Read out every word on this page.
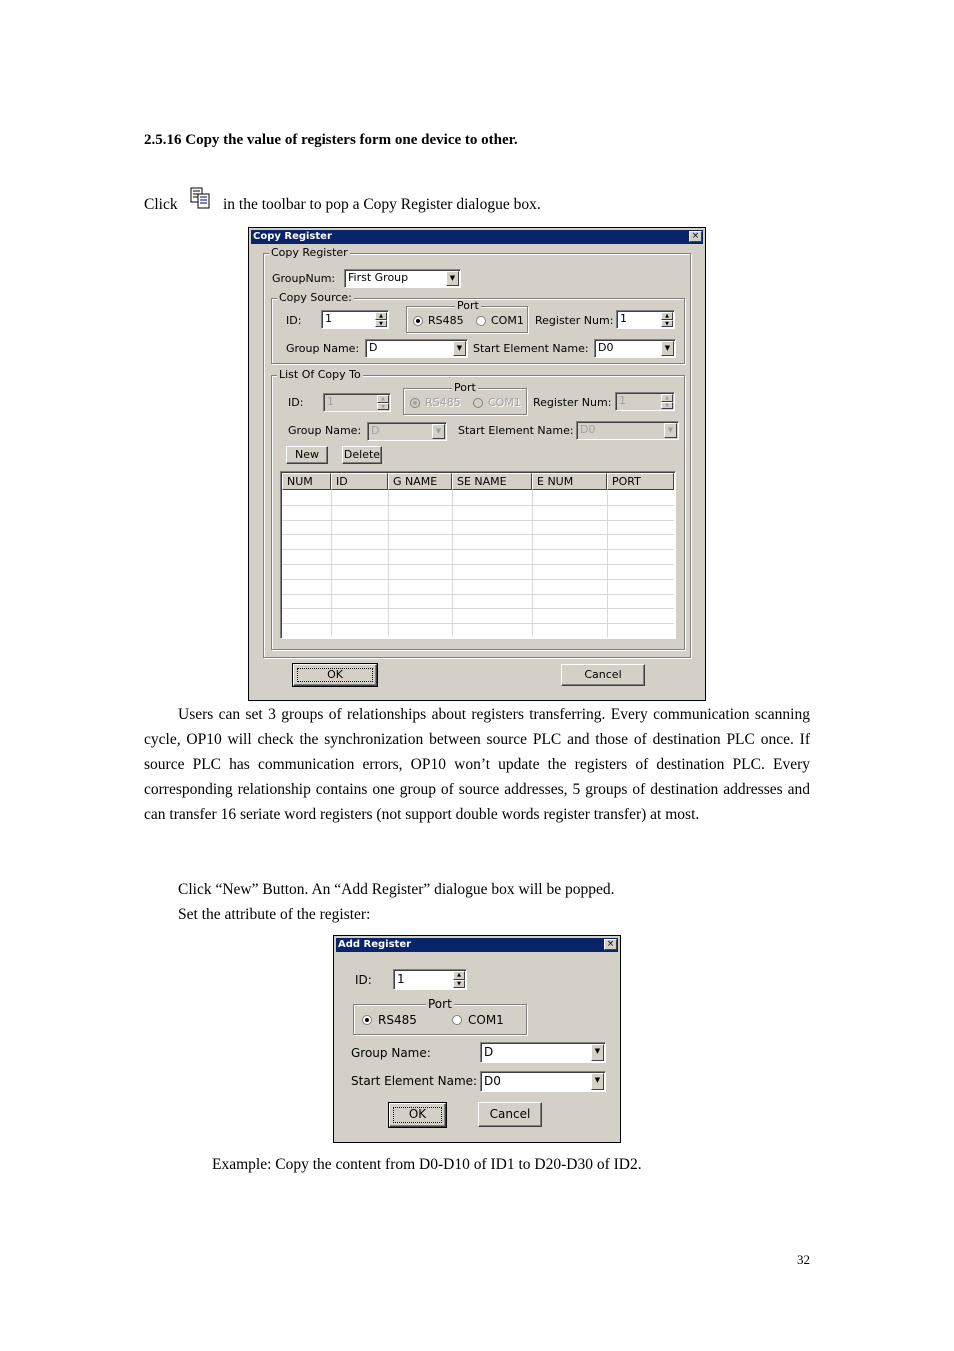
2.5.16 Copy the value of registers form one device to other.
Click	in the toolbar to pop a Copy Register dialogue box.
Copy Register	×
Copy Register
GroupNum:	First Group	▼
Copy Source:
ID:	1	▲
▼
Port
RS485 COM1 Register Num: 1	▲
▼
Group Name: D	▼ Start Element Name: D0	▼
List Of Copy To
ID:	1	▲
▼
Port
RS485 COM1 Register Num: 1	▲
▼
Group Name: D	▼	Start Element Name: D0	▼
New	Delete
NUM	ID	G NAME	SE NAME	E NUM	PORT
OK	Cancel
Users can set 3 groups of relationships about registers transferring. Every communication scanning cycle, OP10 will check the synchronization between source PLC and those of destination PLC once. If source PLC has communication errors, OP10 won’t update the registers of destination PLC. Every corresponding relationship contains one group of source addresses, 5 groups of destination addresses and can transfer 16 seriate word registers (not support double words register transfer) at most.
Click “New” Button. An “Add Register” dialogue box will be popped.
Set the attribute of the register:
Add Register	×
ID:	1	▲
▼
Port
RS485	COM1
Group Name:	D	▼
Start Element Name: D0	▼
OK	Cancel
Example: Copy the content from D0-D10 of ID1 to D20-D30 of ID2.
32
